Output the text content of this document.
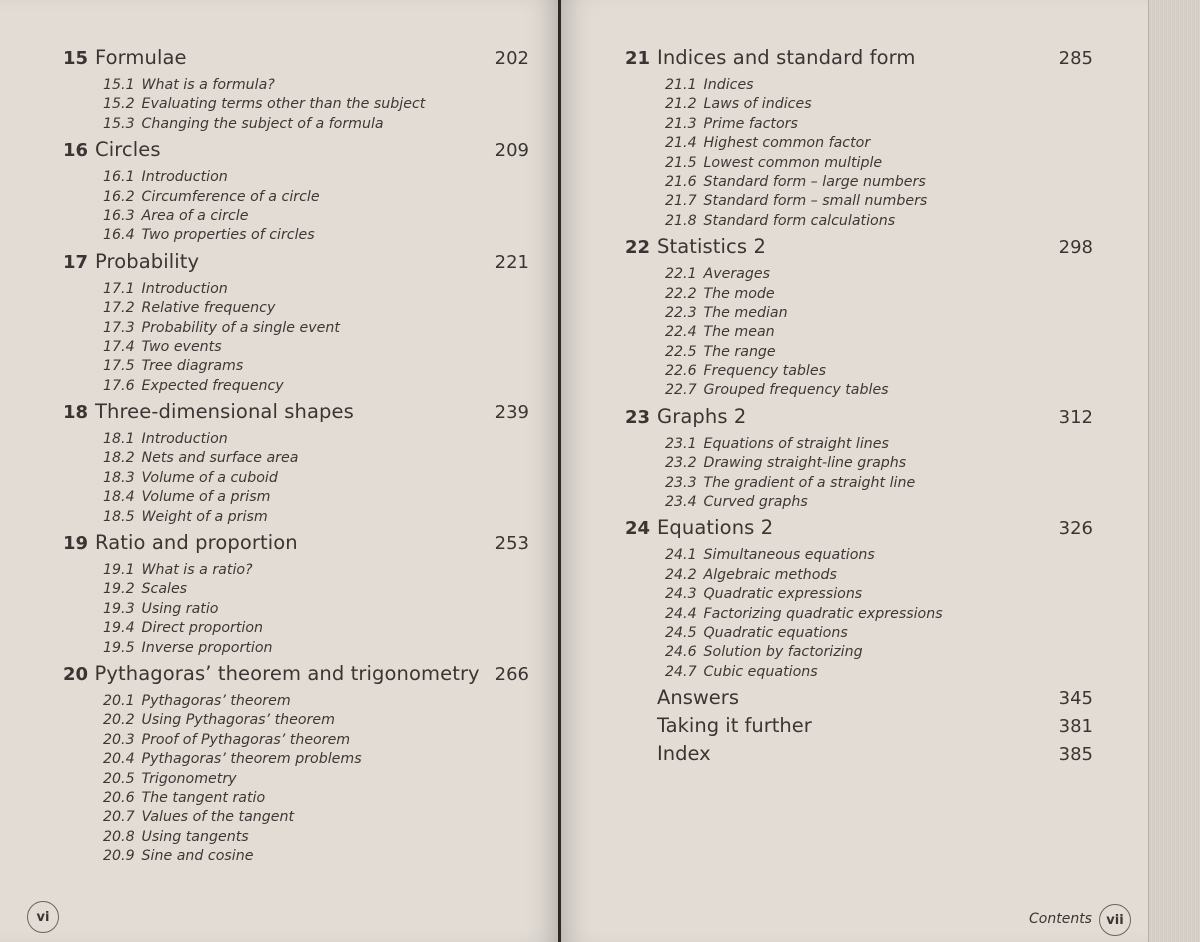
15 Formulae	202
15.1 What is a formula?
15.2 Evaluating terms other than the subject
15.3 Changing the subject of a formula
16 Circles	209
16.1 Introduction
16.2 Circumference of a circle
16.3 Area of a circle
16.4 Two properties of circles
17 Probability	221
17.1 Introduction
17.2 Relative frequency
17.3 Probability of a single event
17.4 Two events
17.5 Tree diagrams
17.6 Expected frequency
18 Three-dimensional shapes	239
18.1 Introduction
18.2 Nets and surface area
18.3 Volume of a cuboid
18.4 Volume of a prism
18.5 Weight of a prism
19 Ratio and proportion	253
19.1 What is a ratio?
19.2 Scales
19.3 Using ratio
19.4 Direct proportion
19.5 Inverse proportion
20 Pythagoras’ theorem and trigonometry 266
20.1 Pythagoras’ theorem
20.2 Using Pythagoras’ theorem
20.3 Proof of Pythagoras’ theorem
20.4 Pythagoras’ theorem problems
20.5 Trigonometry
20.6 The tangent ratio
20.7 Values of the tangent
20.8 Using tangents
20.9 Sine and cosine
vi
21 Indices and standard form	285
21.1 Indices
21.2 Laws of indices
21.3 Prime factors
21.4 Highest common factor
21.5 Lowest common multiple
21.6 Standard form – large numbers
21.7 Standard form – small numbers
21.8 Standard form calculations
22 Statistics 2	298
22.1 Averages
22.2 The mode
22.3 The median
22.4 The mean
22.5 The range
22.6 Frequency tables
22.7 Grouped frequency tables
23 Graphs 2	312
23.1 Equations of straight lines
23.2 Drawing straight-line graphs
23.3 The gradient of a straight line
23.4 Curved graphs
24 Equations 2	326
24.1 Simultaneous equations
24.2 Algebraic methods
24.3 Quadratic expressions
24.4 Factorizing quadratic expressions
24.5 Quadratic equations
24.6 Solution by factorizing
24.7 Cubic equations
Answers	345
Taking it further	381
Index	385
Contents	vii
